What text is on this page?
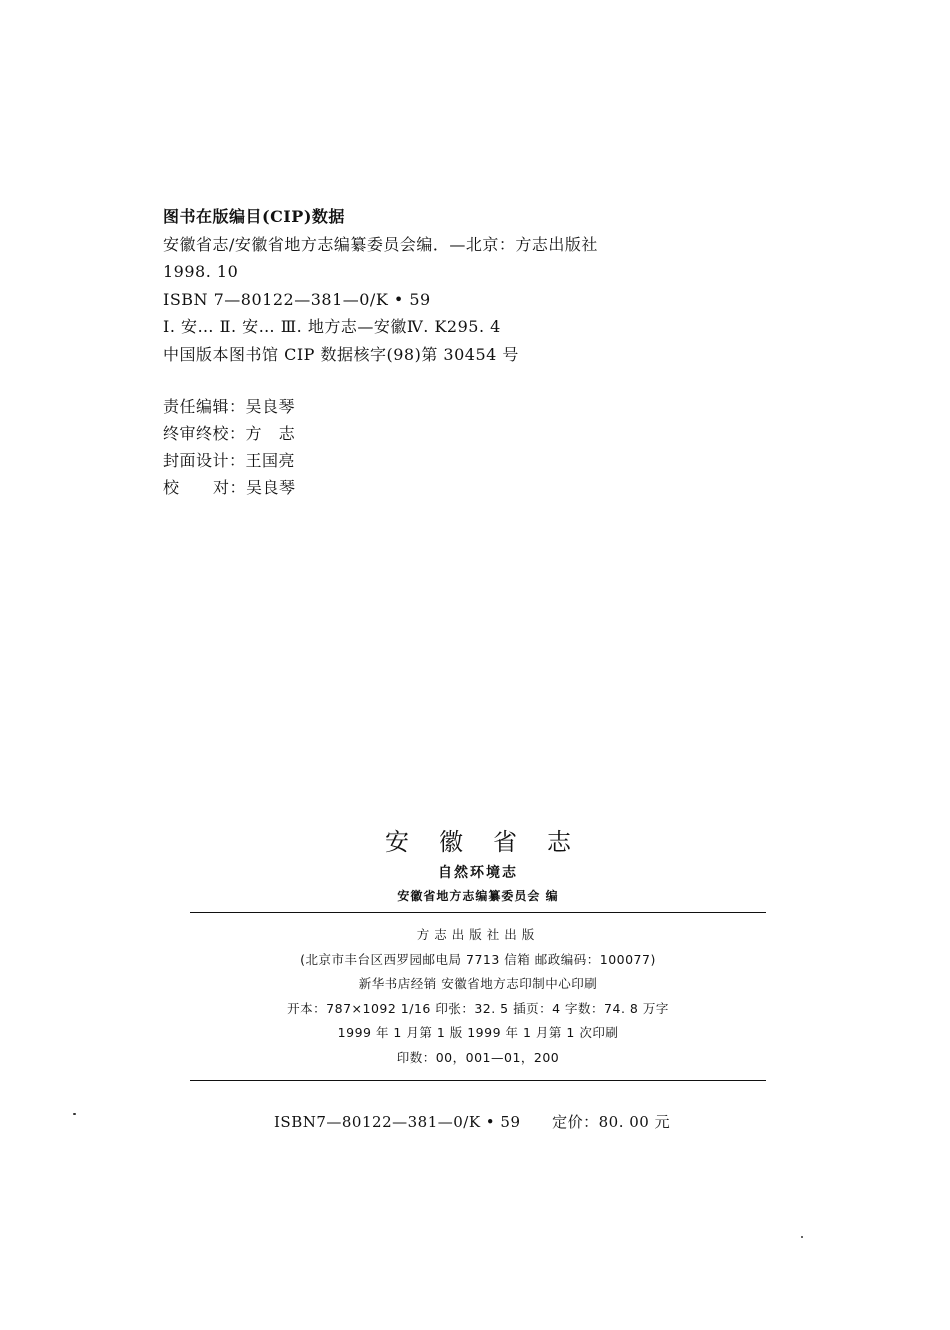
图书在版编目(CIP)数据
安徽省志/安徽省地方志编纂委员会编．—北京：方志出版社
1998. 10
ISBN 7—80122—381—0/K • 59
Ⅰ. 安… Ⅱ. 安… Ⅲ. 地方志—安徽Ⅳ. K295. 4
中国版本图书馆 CIP 数据核字(98)第 30454 号
责任编辑：吴良琴
终审终校：方   志
封面设计：王国亮
校      对：吴良琴
安徽省志
自然环境志
安徽省地方志编纂委员会 编
方志出版社出版
(北京市丰台区西罗园邮电局 7713 信箱 邮政编码：100077)
新华书店经销 安徽省地方志印制中心印刷
开本：787×1092 1/16 印张：32. 5 插页：4 字数：74. 8 万字
1999 年 1 月第 1 版 1999 年 1 月第 1 次印刷
印数：00，001—01，200
ISBN7—80122—381—0/K • 59 定价：80. 00 元
